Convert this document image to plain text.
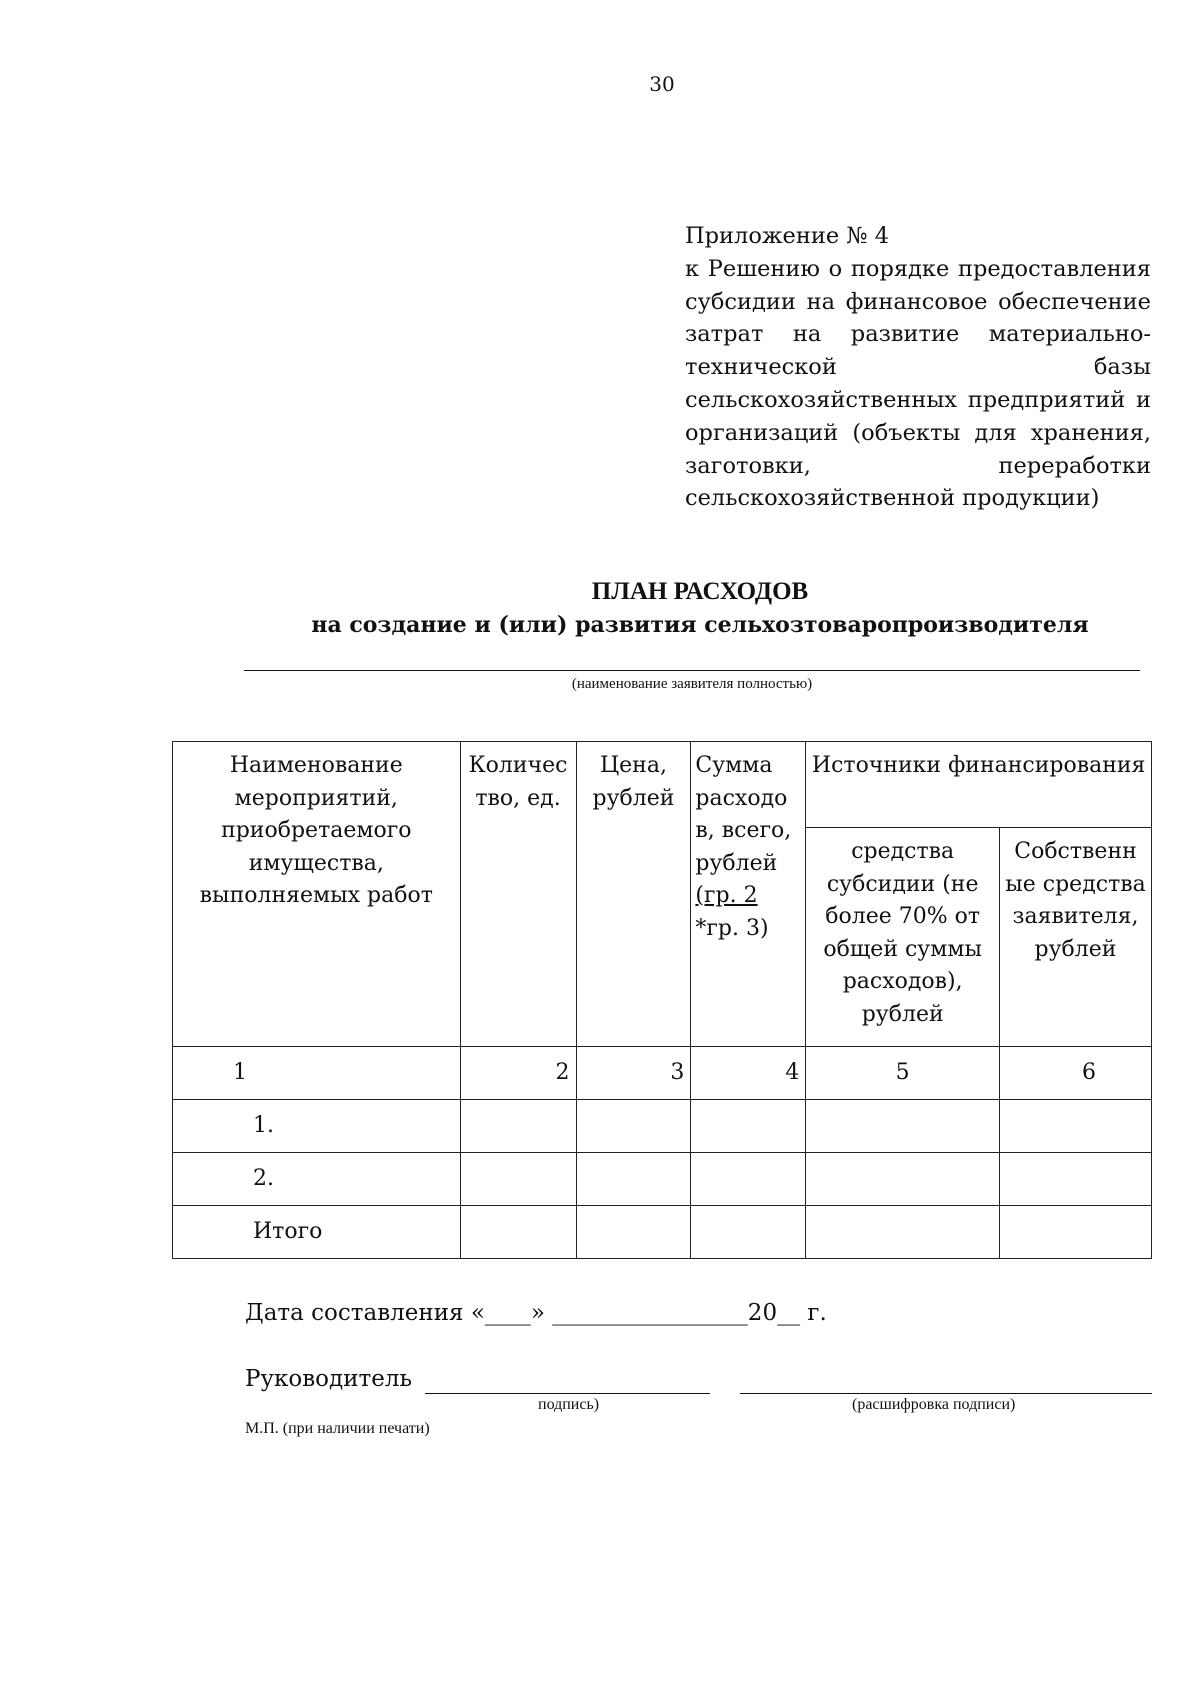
30
Приложение № 4
к Решению о порядке предоставления
субсидии на финансовое обеспечение
затрат на развитие материально-
технической базы
сельскохозяйственных предприятий и
организаций (объекты для хранения,
заготовки, переработки
сельскохозяйственной продукции)
ПЛАН РАСХОДОВ
на создание и (или) развития сельхозтоваропроизводителя
(наименование заявителя полностью)
Наименование мероприятий, приобретаемого имущества, выполняемых работ	Количес тво, ед.	Цена, рублей	Сумма расходо в, всего, рублей (гр. 2 *гр. 3)	Источники финансирования	
				средства субсидии (не более 70% от общей суммы расходов), рублей	Собственн ые средства заявителя, рублей
1	2	3	4	5	6
1.					
2.					
Итого					
Дата составления «____» _________________20__ г.
Руководитель
подпись)	(расшифровка подписи)
М.П. (при наличии печати)
